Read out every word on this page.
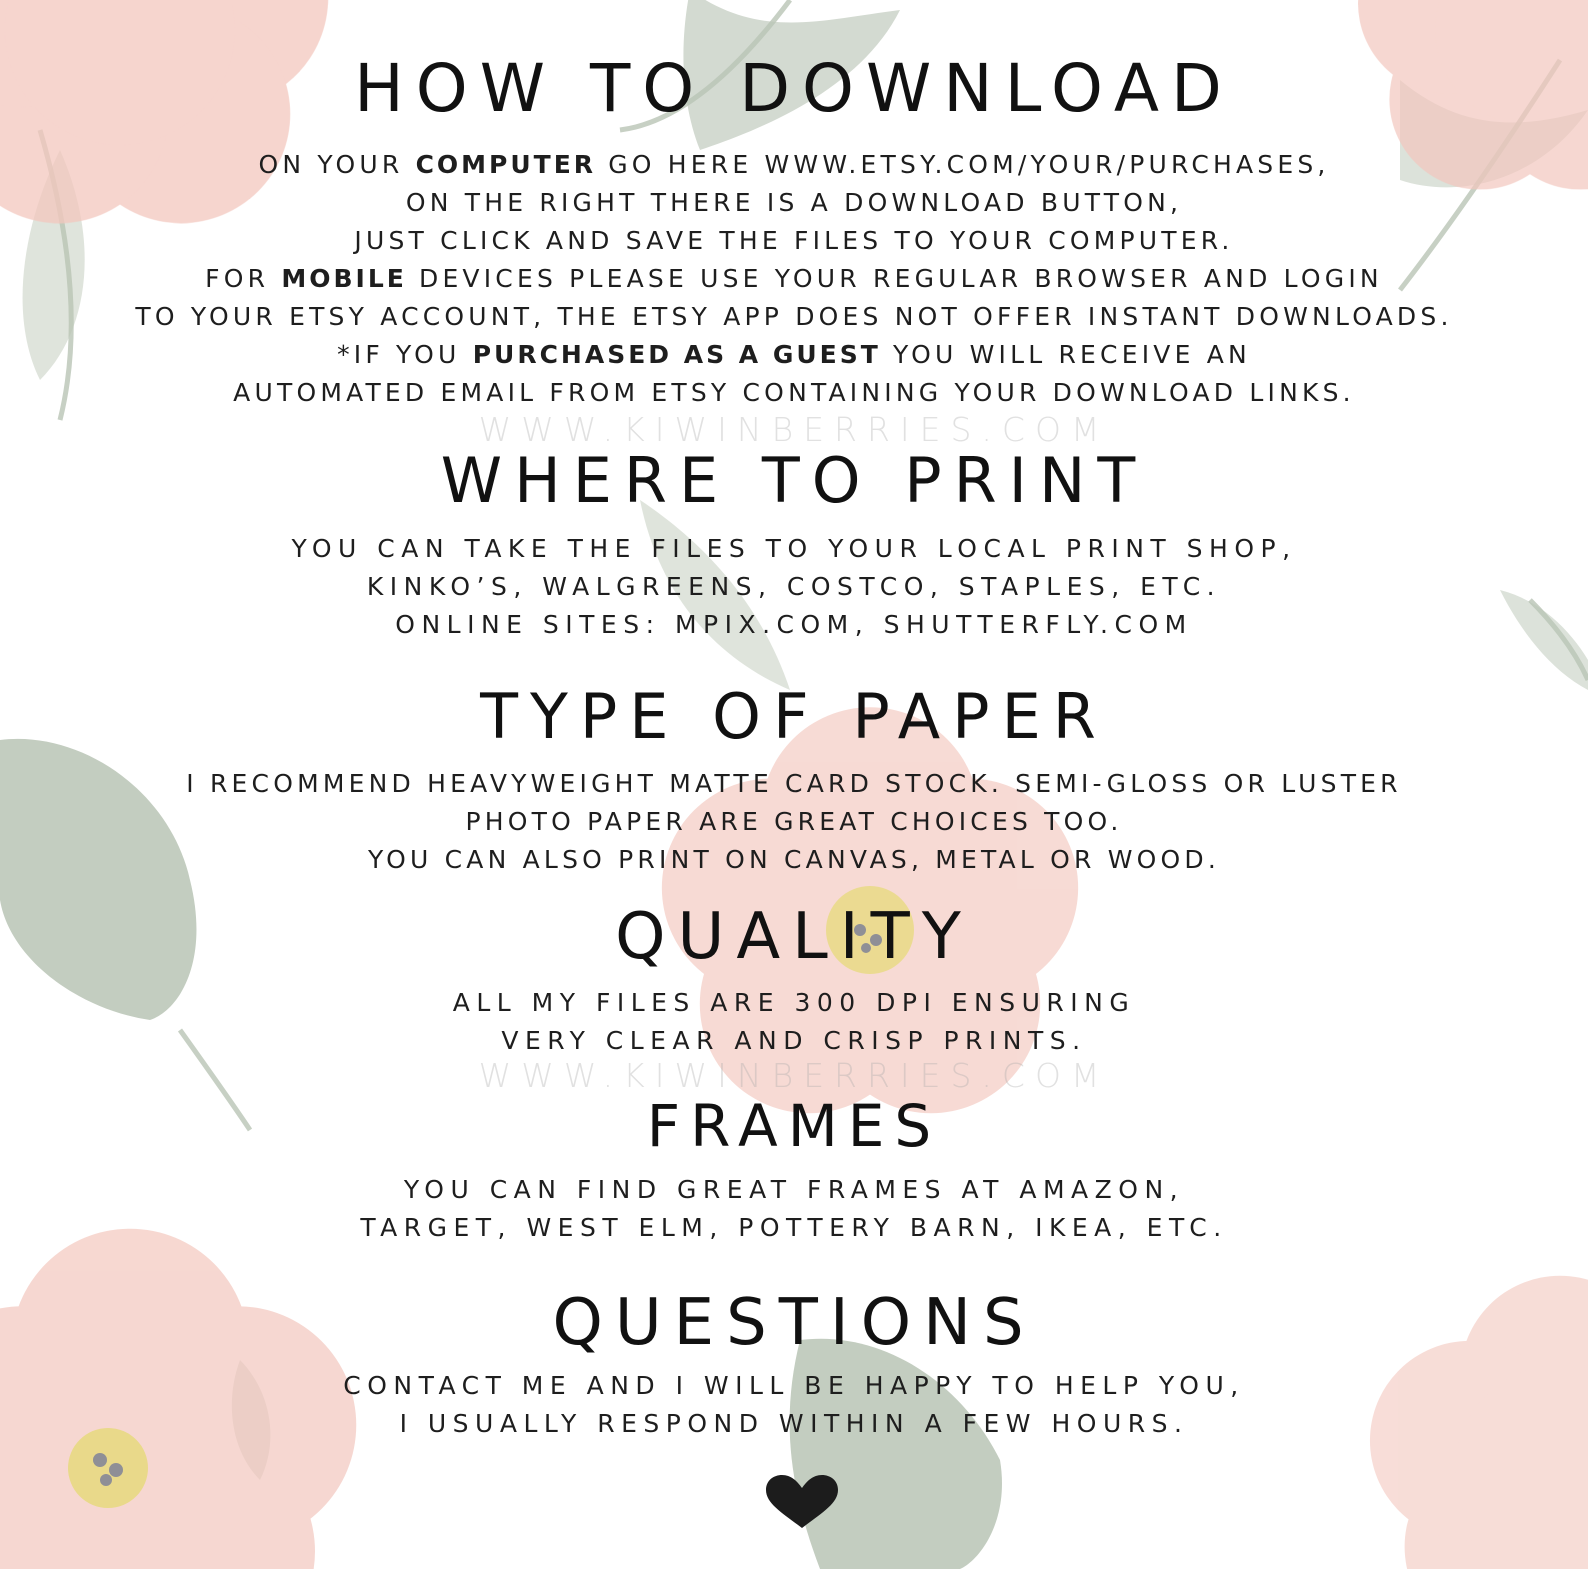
HOW TO DOWNLOAD
ON YOUR COMPUTER GO HERE WWW.ETSY.COM/YOUR/PURCHASES,
ON THE RIGHT THERE IS A DOWNLOAD BUTTON,
JUST CLICK AND SAVE THE FILES TO YOUR COMPUTER.
FOR MOBILE DEVICES PLEASE USE YOUR REGULAR BROWSER AND LOGIN
TO YOUR ETSY ACCOUNT, THE ETSY APP DOES NOT OFFER INSTANT DOWNLOADS.
*IF YOU PURCHASED AS A GUEST YOU WILL RECEIVE AN
AUTOMATED EMAIL FROM ETSY CONTAINING YOUR DOWNLOAD LINKS.

WWW.KIWINBERRIES.COM

WHERE TO PRINT
YOU CAN TAKE THE FILES TO YOUR LOCAL PRINT SHOP,
KINKO’S, WALGREENS, COSTCO, STAPLES, ETC.
ONLINE SITES: MPIX.COM, SHUTTERFLY.COM
TYPE OF PAPER
I RECOMMEND HEAVYWEIGHT MATTE CARD STOCK. SEMI-GLOSS OR LUSTER
PHOTO PAPER ARE GREAT CHOICES TOO.
YOU CAN ALSO PRINT ON CANVAS, METAL OR WOOD.
QUALITY
ALL MY FILES ARE 300 DPI ENSURING
VERY CLEAR AND CRISP PRINTS.

WWW.KIWINBERRIES.COM

FRAMES
YOU CAN FIND GREAT FRAMES AT AMAZON,
TARGET, WEST ELM, POTTERY BARN, IKEA, ETC.
QUESTIONS
CONTACT ME AND I WILL BE HAPPY TO HELP YOU,
I USUALLY RESPOND WITHIN A FEW HOURS.
